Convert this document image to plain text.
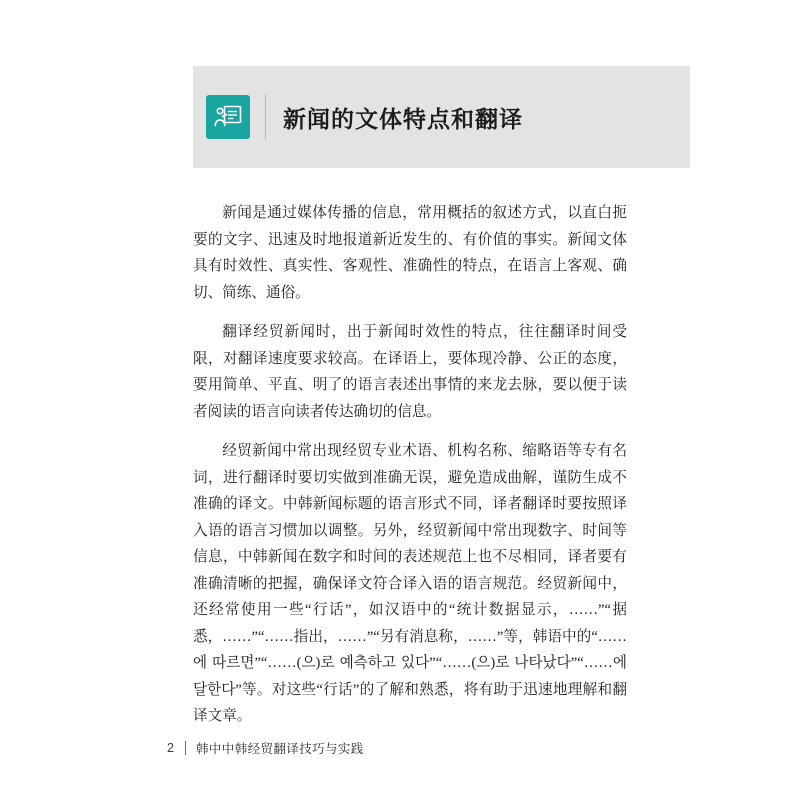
新闻的文体特点和翻译

新闻是通过媒体传播的信息，常用概括的叙述方式，以直白扼要的文字、迅速及时地报道新近发生的、有价值的事实。新闻文体具有时效性、真实性、客观性、准确性的特点，在语言上客观、确切、简练、通俗。

翻译经贸新闻时，出于新闻时效性的特点，往往翻译时间受限，对翻译速度要求较高。在译语上，要体现冷静、公正的态度，要用简单、平直、明了的语言表述出事情的来龙去脉，要以便于读者阅读的语言向读者传达确切的信息。

经贸新闻中常出现经贸专业术语、机构名称、缩略语等专有名词，进行翻译时要切实做到准确无误，避免造成曲解，谨防生成不准确的译文。中韩新闻标题的语言形式不同，译者翻译时要按照译入语的语言习惯加以调整。另外，经贸新闻中常出现数字、时间等信息，中韩新闻在数字和时间的表述规范上也不尽相同，译者要有准确清晰的把握，确保译文符合译入语的语言规范。经贸新闻中，还经常使用一些“行话”，如汉语中的“统计数据显示，……”“据悉，……”“……指出，……”“另有消息称，……”等，韩语中的“……에 따르면”“……(으)로 예측하고 있다”“……(으)로 나타났다”“……에 달한다”等。对这些“行话”的了解和熟悉，将有助于迅速地理解和翻译文章。

2	韩中中韩经贸翻译技巧与实践
